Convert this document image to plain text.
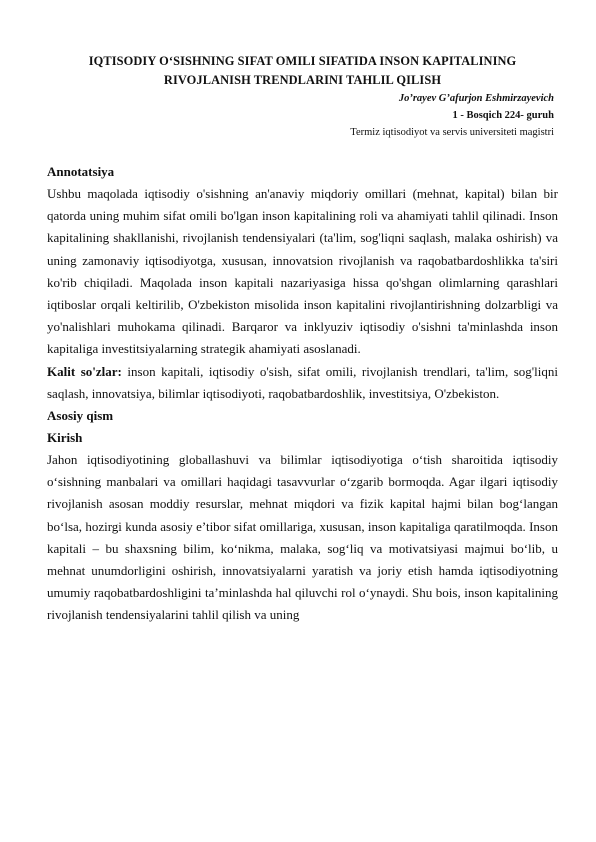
IQTISODIY O‘SISHNING SIFAT OMILI SIFATIDA INSON KAPITALINING
RIVOJLANISH TRENDLARINI TAHLIL QILISH

Jo’rayev G’afurjon Eshmirzayevich
1 - Bosqich 224- guruh
Termiz iqtisodiyot va servis universiteti magistri

Annotatsiya

Ushbu maqolada iqtisodiy o'sishning an'anaviy miqdoriy omillari (mehnat, kapital) bilan bir qatorda uning muhim sifat omili bo'lgan inson kapitalining roli va ahamiyati tahlil qilinadi. Inson kapitalining shakllanishi, rivojlanish tendensiyalari (ta'lim, sog'liqni saqlash, malaka oshirish) va uning zamonaviy iqtisodiyotga, xususan, innovatsion rivojlanish va raqobatbardoshlikka ta'siri ko'rib chiqiladi. Maqolada inson kapitali nazariyasiga hissa qo'shgan olimlarning qarashlari iqtiboslar orqali keltirilib, O'zbekiston misolida inson kapitalini rivojlantirishning dolzarbligi va yo'nalishlari muhokama qilinadi. Barqaror va inklyuziv iqtisodiy o'sishni ta'minlashda inson kapitaliga investitsiyalarning strategik ahamiyati asoslanadi.

Kalit so'zlar: inson kapitali, iqtisodiy o'sish, sifat omili, rivojlanish trendlari, ta'lim, sog'liqni saqlash, innovatsiya, bilimlar iqtisodiyoti, raqobatbardoshlik, investitsiya, O'zbekiston.

Asosiy qism

Kirish

Jahon iqtisodiyotining globallashuvi va bilimlar iqtisodiyotiga o‘tish sharoitida iqtisodiy o‘sishning manbalari va omillari haqidagi tasavvurlar o‘zgarib bormoqda. Agar ilgari iqtisodiy rivojlanish asosan moddiy resurslar, mehnat miqdori va fizik kapital hajmi bilan bog‘langan bo‘lsa, hozirgi kunda asosiy e’tibor sifat omillariga, xususan, inson kapitaliga qaratilmoqda. Inson kapitali – bu shaxsning bilim, ko‘nikma, malaka, sog‘liq va motivatsiyasi majmui bo‘lib, u mehnat unumdorligini oshirish, innovatsiyalarni yaratish va joriy etish hamda iqtisodiyotning umumiy raqobatbardoshligini ta’minlashda hal qiluvchi rol o‘ynaydi. Shu bois, inson kapitalining rivojlanish tendensiyalarini tahlil qilish va uning
